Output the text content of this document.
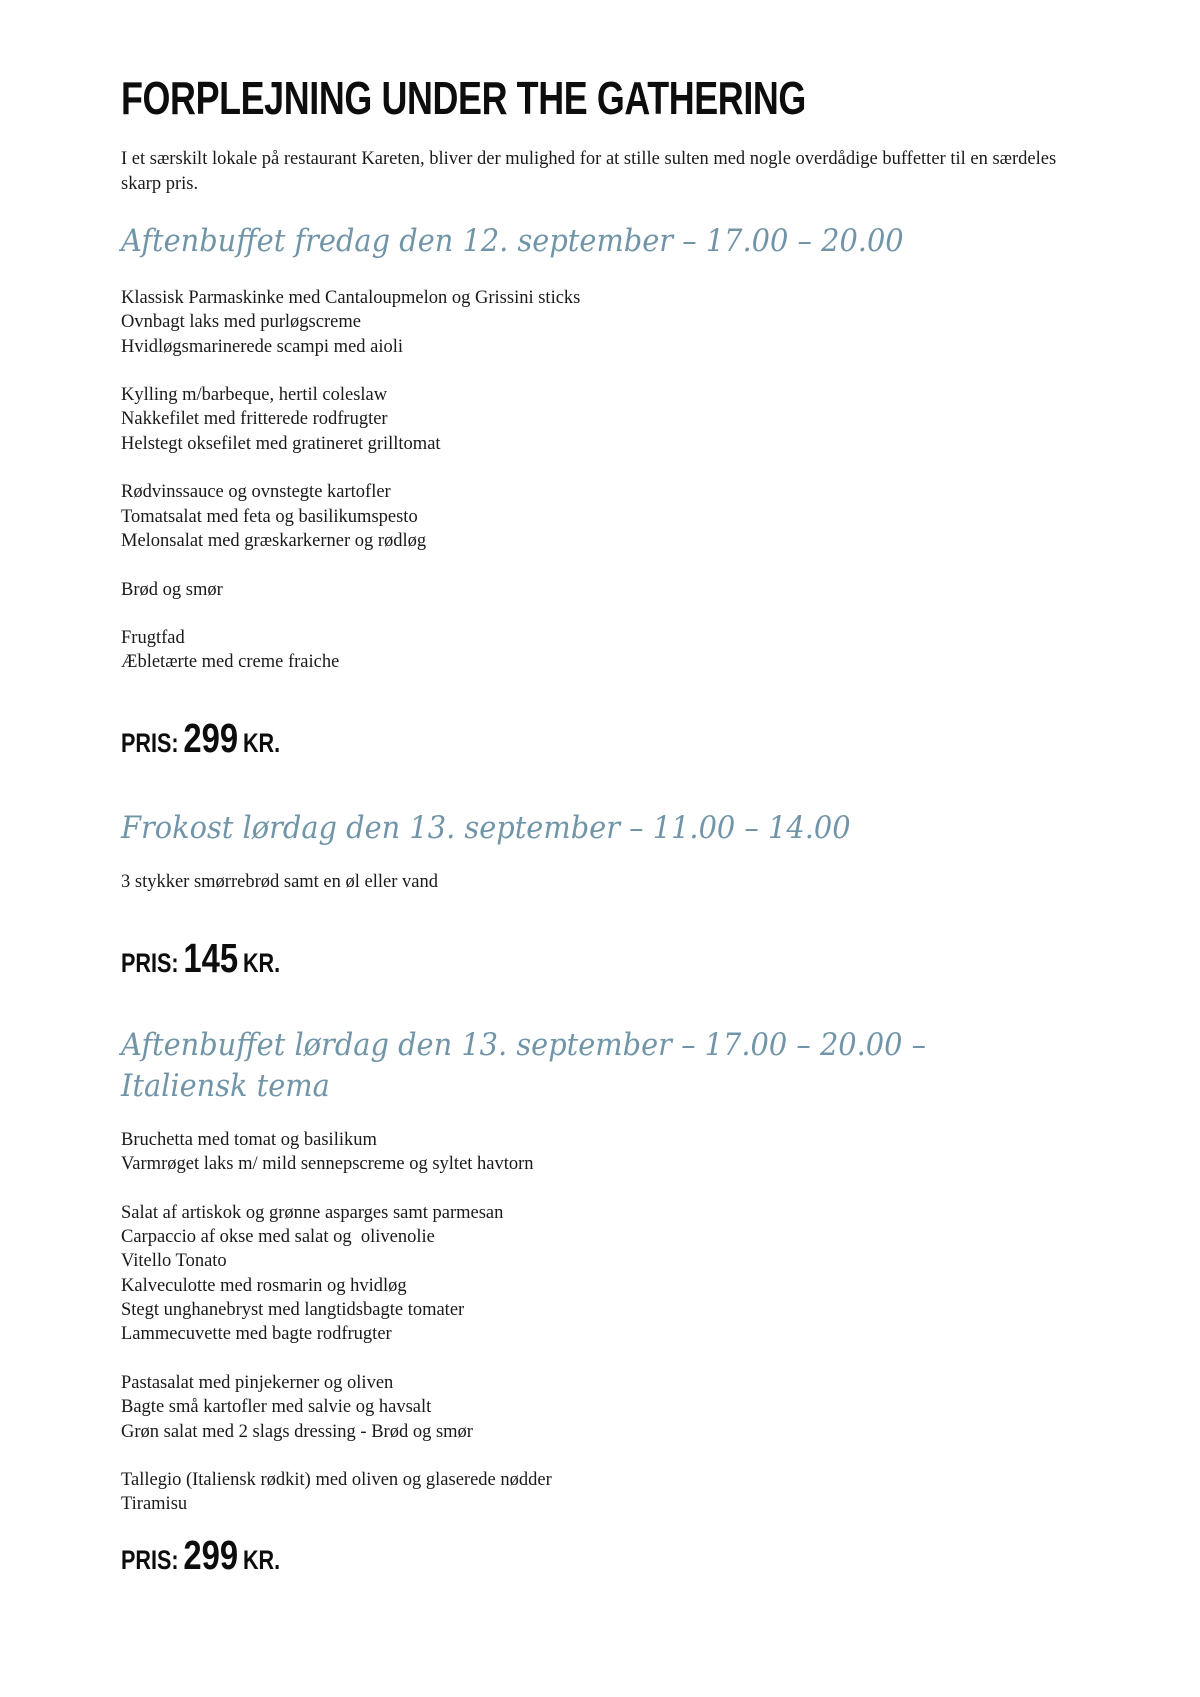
FORPLEJNING UNDER THE GATHERING

I et særskilt lokale på restaurant Kareten, bliver der mulighed for at stille sulten med nogle overdådige buffetter til en særdeles skarp pris.

Aftenbuffet fredag den 12. september – 17.00 – 20.00
Klassisk Parmaskinke med Cantaloupmelon og Grissini sticks
Ovnbagt laks med purløgscreme
Hvidløgsmarinerede scampi med aioli
Kylling m/barbeque, hertil coleslaw
Nakkefilet med fritterede rodfrugter
Helstegt oksefilet med gratineret grilltomat
Rødvinssauce og ovnstegte kartofler
Tomatsalat med feta og basilikumspesto
Melonsalat med græskarkerner og rødløg
Brød og smør
Frugtfad
Æbletærte med creme fraiche
PRIS: 299 KR.
Frokost lørdag den 13. september – 11.00 – 14.00
3 stykker smørrebrød samt en øl eller vand
PRIS: 145 KR.
Aftenbuffet lørdag den 13. september – 17.00 – 20.00 –
Italiensk tema
Bruchetta med tomat og basilikum
Varmrøget laks m/ mild sennepscreme og syltet havtorn
Salat af artiskok og grønne asparges samt parmesan
Carpaccio af okse med salat og  olivenolie
Vitello Tonato
Kalveculotte med rosmarin og hvidløg
Stegt unghanebryst med langtidsbagte tomater
Lammecuvette med bagte rodfrugter
Pastasalat med pinjekerner og oliven
Bagte små kartofler med salvie og havsalt
Grøn salat med 2 slags dressing - Brød og smør
Tallegio (Italiensk rødkit) med oliven og glaserede nødder
Tiramisu
PRIS: 299 KR.
